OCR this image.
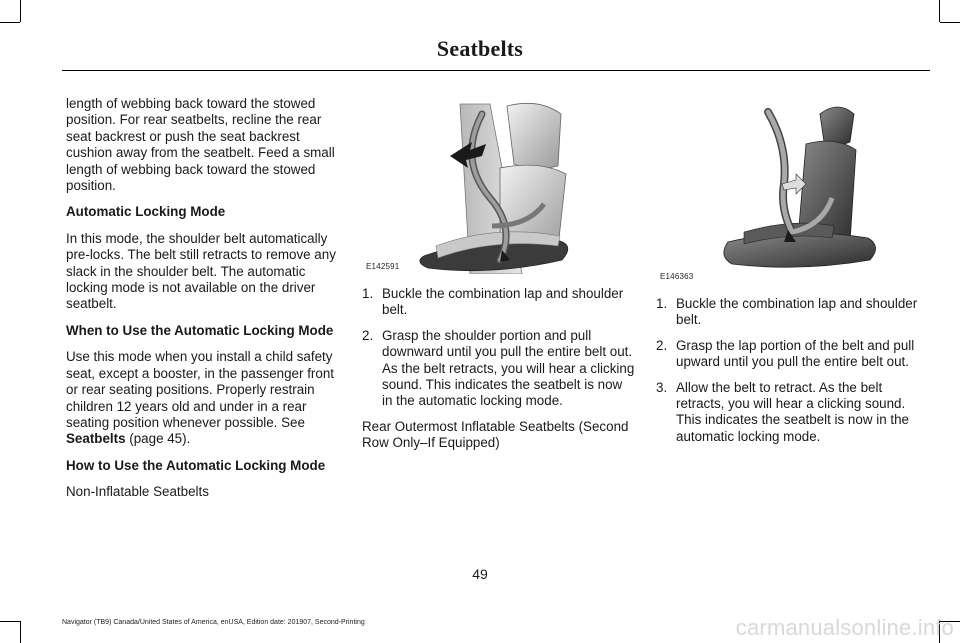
Seatbelts

length of webbing back toward the stowed position. For rear seatbelts, recline the rear seat backrest or push the seat backrest cushion away from the seatbelt. Feed a small length of webbing back toward the stowed position.

Automatic Locking Mode

In this mode, the shoulder belt automatically pre-locks. The belt still retracts to remove any slack in the shoulder belt. The automatic locking mode is not available on the driver seatbelt.

When to Use the Automatic Locking Mode

Use this mode when you install a child safety seat, except a booster, in the passenger front or rear seating positions. Properly restrain children 12 years old and under in a rear seating position whenever possible. See
Seatbelts (page 45).

How to Use the Automatic Locking Mode

Non-Inflatable Seatbelts

E142591
1. Buckle the combination lap and shoulder belt.
2. Grasp the shoulder portion and pull downward until you pull the entire belt out. As the belt retracts, you will hear a clicking sound. This indicates the seatbelt is now in the automatic locking mode.

Rear Outermost Inflatable Seatbelts (Second Row Only–If Equipped)

E146363
1. Buckle the combination lap and shoulder belt.
2. Grasp the lap portion of the belt and pull upward until you pull the entire belt out.
3. Allow the belt to retract. As the belt retracts, you will hear a clicking sound. This indicates the seatbelt is now in the automatic locking mode.
49
Navigator (TB9) Canada/United States of America, enUSA, Edition date: 201907, Second-Printing	carmanualsonline.info
